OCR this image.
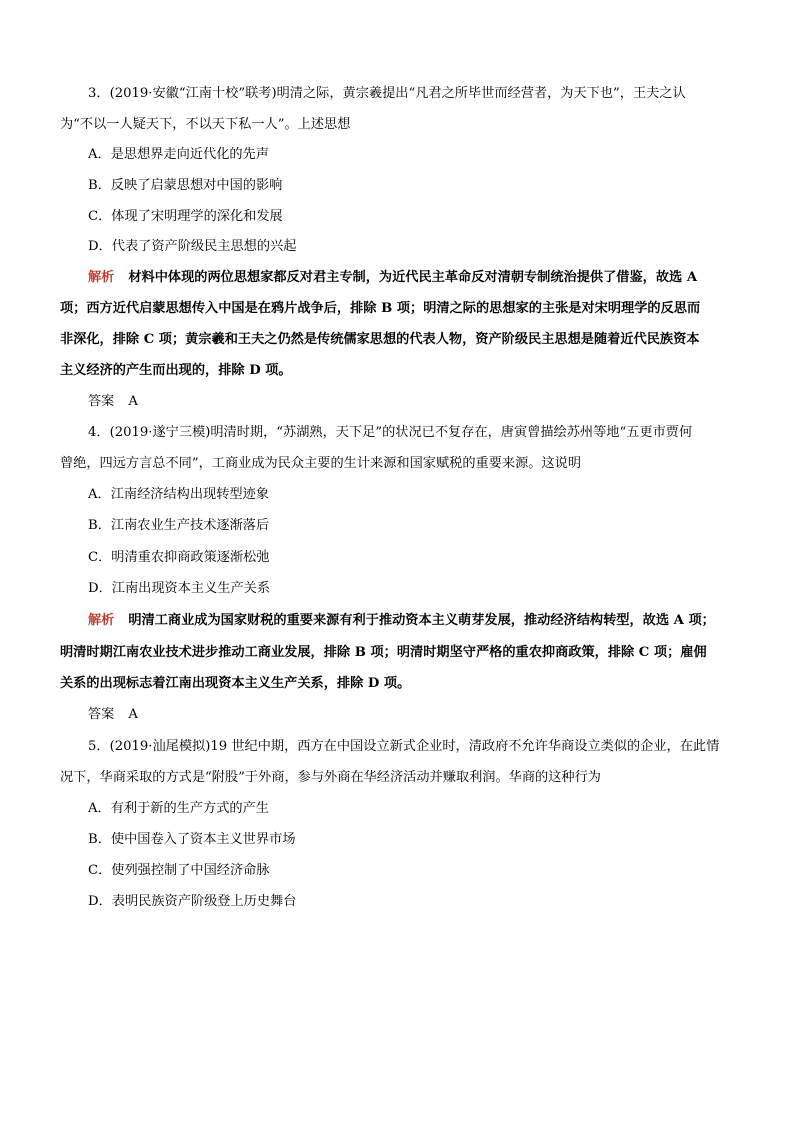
3．(2019·安徽“江南十校”联考)明清之际，黄宗羲提出“凡君之所毕世而经营者，为天下也”，王夫之认
为“不以一人疑天下，不以天下私一人”。上述思想
A．是思想界走向近代化的先声
B．反映了启蒙思想对中国的影响
C．体现了宋明理学的深化和发展
D．代表了资产阶级民主思想的兴起
解析 材料中体现的两位思想家都反对君主专制，为近代民主革命反对清朝专制统治提供了借鉴，故选 A
项；西方近代启蒙思想传入中国是在鸦片战争后，排除 B 项；明清之际的思想家的主张是对宋明理学的反思而
非深化，排除 C 项；黄宗羲和王夫之仍然是传统儒家思想的代表人物，资产阶级民主思想是随着近代民族资本
主义经济的产生而出现的，排除 D 项。
答案 A
4．(2019·遂宁三模)明清时期，“苏湖熟，天下足”的状况已不复存在，唐寅曾描绘苏州等地“五更市贾何
曾绝，四远方言总不同”，工商业成为民众主要的生计来源和国家赋税的重要来源。这说明
A．江南经济结构出现转型迹象
B．江南农业生产技术逐渐落后
C．明清重农抑商政策逐渐松弛
D．江南出现资本主义生产关系
解析 明清工商业成为国家财税的重要来源有利于推动资本主义萌芽发展，推动经济结构转型，故选 A 项；
明清时期江南农业技术进步推动工商业发展，排除 B 项；明清时期坚守严格的重农抑商政策，排除 C 项；雇佣
关系的出现标志着江南出现资本主义生产关系，排除 D 项。
答案 A
5．(2019·汕尾模拟)19 世纪中期，西方在中国设立新式企业时，清政府不允许华商设立类似的企业，在此情
况下，华商采取的方式是“附股”于外商，参与外商在华经济活动并赚取利润。华商的这种行为
A．有利于新的生产方式的产生
B．使中国卷入了资本主义世界市场
C．使列强控制了中国经济命脉
D．表明民族资产阶级登上历史舞台
